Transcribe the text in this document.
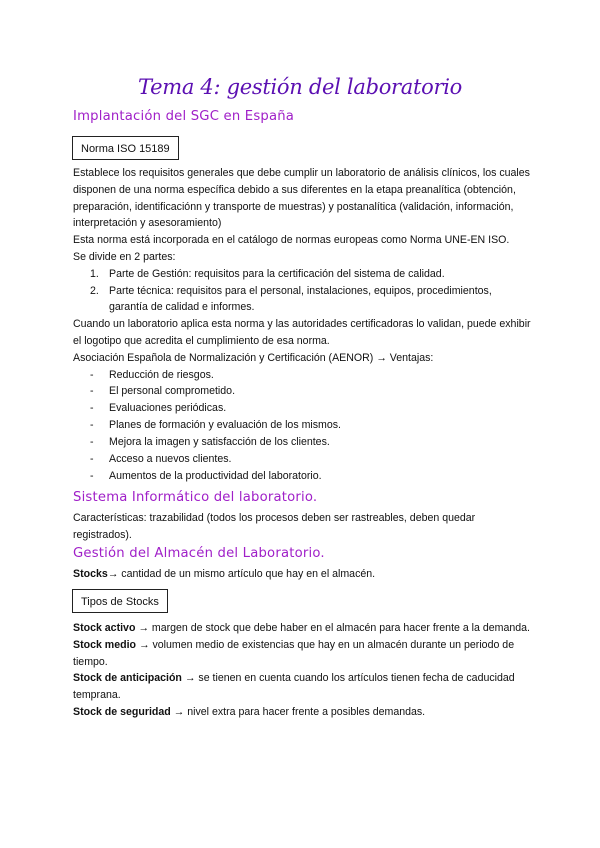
Tema 4: gestión del laboratorio
Implantación del SGC en España
Norma ISO 15189

Establece los requisitos generales que debe cumplir un laboratorio de análisis clínicos, los cuales disponen de una norma específica debido a sus diferentes en la etapa preanalítica (obtención, preparación, identificaciónn y transporte de muestras) y postanalítica (validación, información, interpretación y asesoramiento)

Esta norma está incorporada en el catálogo de normas europeas como Norma UNE-EN ISO.

Se divide en 2 partes:

1. Parte de Gestión: requisitos para la certificación del sistema de calidad.
2. Parte técnica: requisitos para el personal, instalaciones, equipos, procedimientos, garantía de calidad e informes.

Cuando un laboratorio aplica esta norma y las autoridades certificadoras lo validan, puede exhibir el logotipo que acredita el cumplimiento de esa norma.

Asociación Española de Normalización y Certificación (AENOR) → Ventajas:

- Reducción de riesgos.
- El personal comprometido.
- Evaluaciones periódicas.
- Planes de formación y evaluación de los mismos.
- Mejora la imagen y satisfacción de los clientes.
- Acceso a nuevos clientes.
- Aumentos de la productividad del laboratorio.
Sistema Informático del laboratorio.

Características: trazabilidad (todos los procesos deben ser rastreables, deben quedar registrados).

Gestión del Almacén del Laboratorio.

Stocks→ cantidad de un mismo artículo que hay en el almacén.

Tipos de Stocks

Stock activo → margen de stock que debe haber en el almacén para hacer frente a la demanda.

Stock medio → volumen medio de existencias que hay en un almacén durante un periodo de tiempo.

Stock de anticipación → se tienen en cuenta cuando los artículos tienen fecha de caducidad temprana.

Stock de seguridad → nivel extra para hacer frente a posibles demandas.
